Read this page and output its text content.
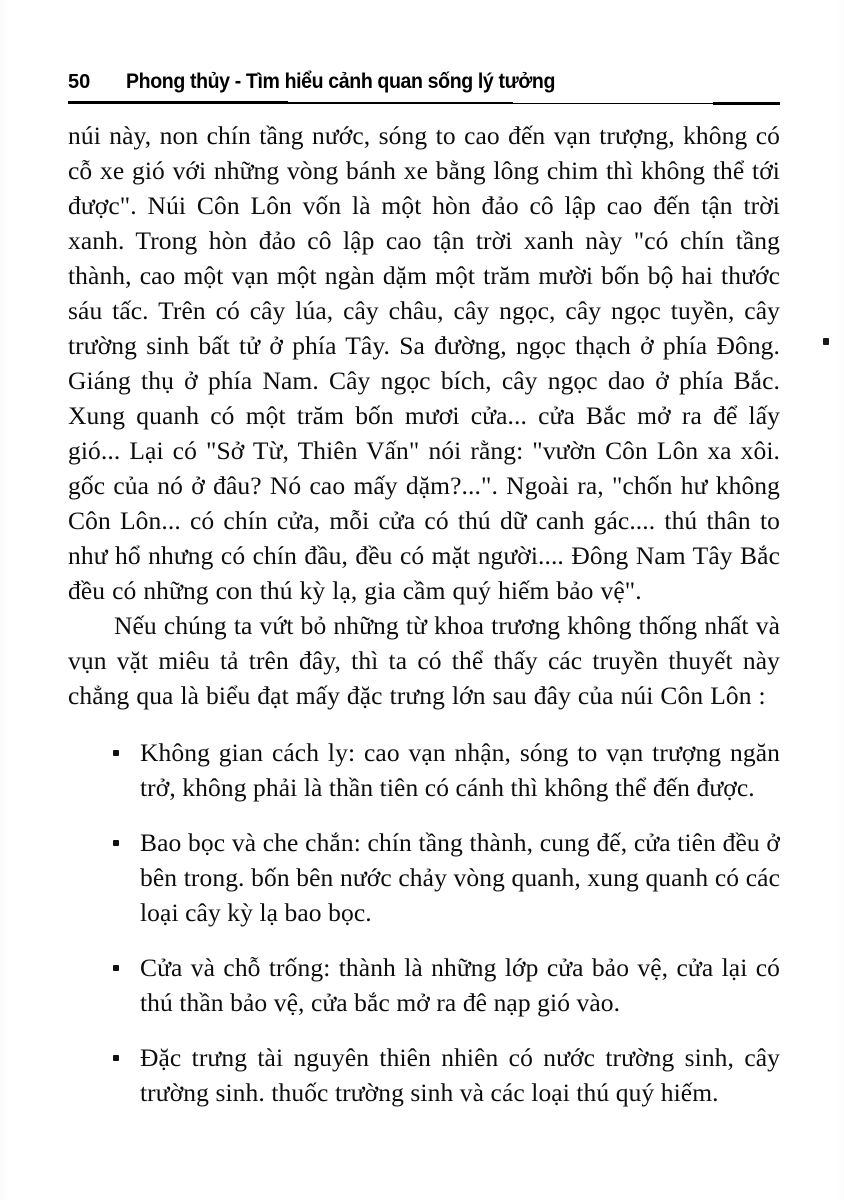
50 Phong thủy - Tìm hiểu cảnh quan sống lý tưởng

núi này, non chín tầng nước, sóng to cao đến vạn trượng, không có cỗ xe gió với những vòng bánh xe bằng lông chim thì không thể tới được". Núi Côn Lôn vốn là một hòn đảo cô lập cao đến tận trời xanh. Trong hòn đảo cô lập cao tận trời xanh này "có chín tầng thành, cao một vạn một ngàn dặm một trăm mười bốn bộ hai thước sáu tấc. Trên có cây lúa, cây châu, cây ngọc, cây ngọc tuyền, cây trường sinh bất tử ở phía Tây. Sa đường, ngọc thạch ở phía Đông. Giáng thụ ở phía Nam. Cây ngọc bích, cây ngọc dao ở phía Bắc. Xung quanh có một trăm bốn mươi cửa... cửa Bắc mở ra để lấy gió... Lại có "Sở Từ, Thiên Vấn" nói rằng: "vườn Côn Lôn xa xôi. gốc của nó ở đâu? Nó cao mấy dặm?...". Ngoài ra, "chốn hư không Côn Lôn... có chín cửa, mỗi cửa có thú dữ canh gác.... thú thân to như hổ nhưng có chín đầu, đều có mặt người.... Đông Nam Tây Bắc đều có những con thú kỳ lạ, gia cầm quý hiếm bảo vệ".

Nếu chúng ta vứt bỏ những từ khoa trương không thống nhất và vụn vặt miêu tả trên đây, thì ta có thể thấy các truyền thuyết này chẳng qua là biểu đạt mấy đặc trưng lớn sau đây của núi Côn Lôn :

Không gian cách ly: cao vạn nhận, sóng to vạn trượng ngăn trở, không phải là thần tiên có cánh thì không thể đến được.
Bao bọc và che chắn: chín tầng thành, cung đế, cửa tiên đều ở bên trong. bốn bên nước chảy vòng quanh, xung quanh có các loại cây kỳ lạ bao bọc.
Cửa và chỗ trống: thành là những lớp cửa bảo vệ, cửa lại có thú thần bảo vệ, cửa bắc mở ra đê nạp gió vào.
Đặc trưng tài nguyên thiên nhiên có nước trường sinh, cây trường sinh. thuốc trường sinh và các loại thú quý hiếm.
